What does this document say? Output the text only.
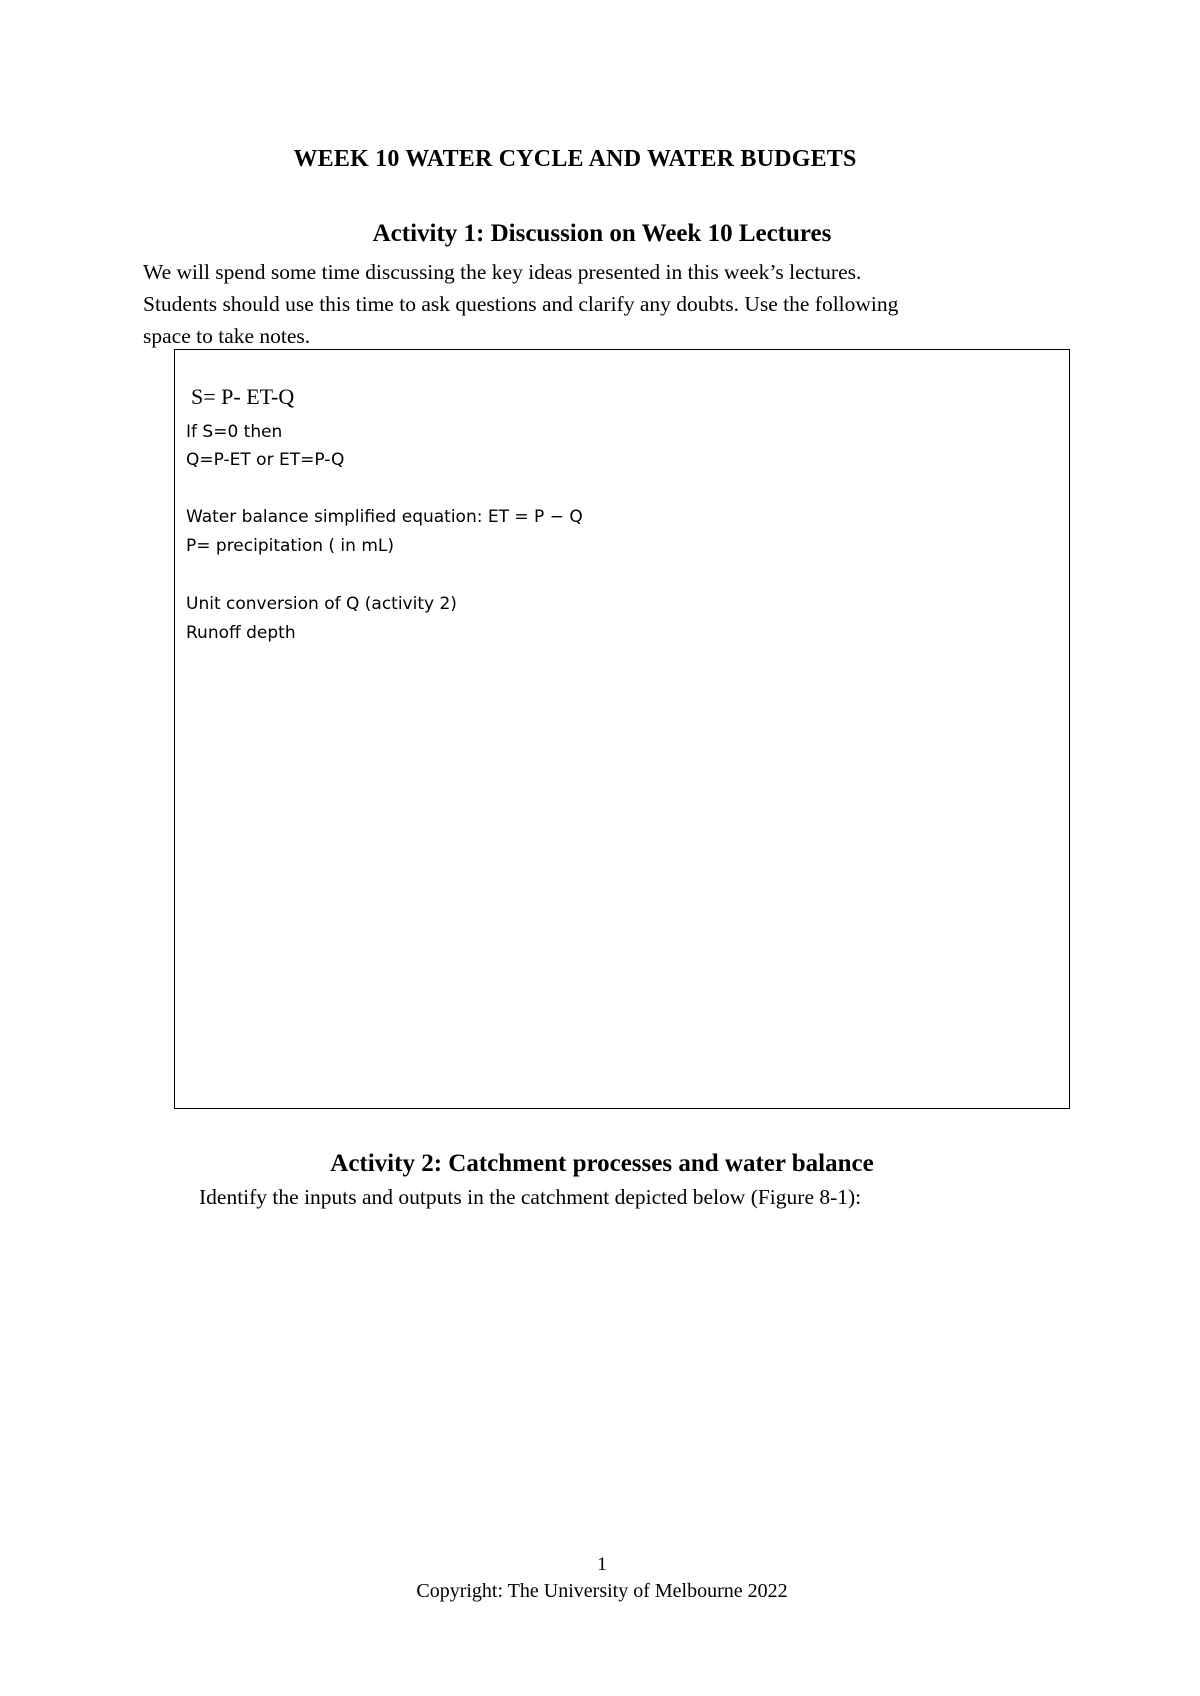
WEEK 10 WATER CYCLE AND WATER BUDGETS
Activity 1: Discussion on Week 10 Lectures
We will spend some time discussing the key ideas presented in this week’s lectures.
Students should use this time to ask questions and clarify any doubts. Use the following
space to take notes.
S= P- ET-Q
If S=0 then
Q=P-ET or ET=P-Q
Water balance simplified equation: ET = P − Q
P= precipitation ( in mL)
Unit conversion of Q (activity 2)
Runoff depth
Activity 2: Catchment processes and water balance
Identify the inputs and outputs in the catchment depicted below (Figure 8-1):
1
Copyright: The University of Melbourne 2022
